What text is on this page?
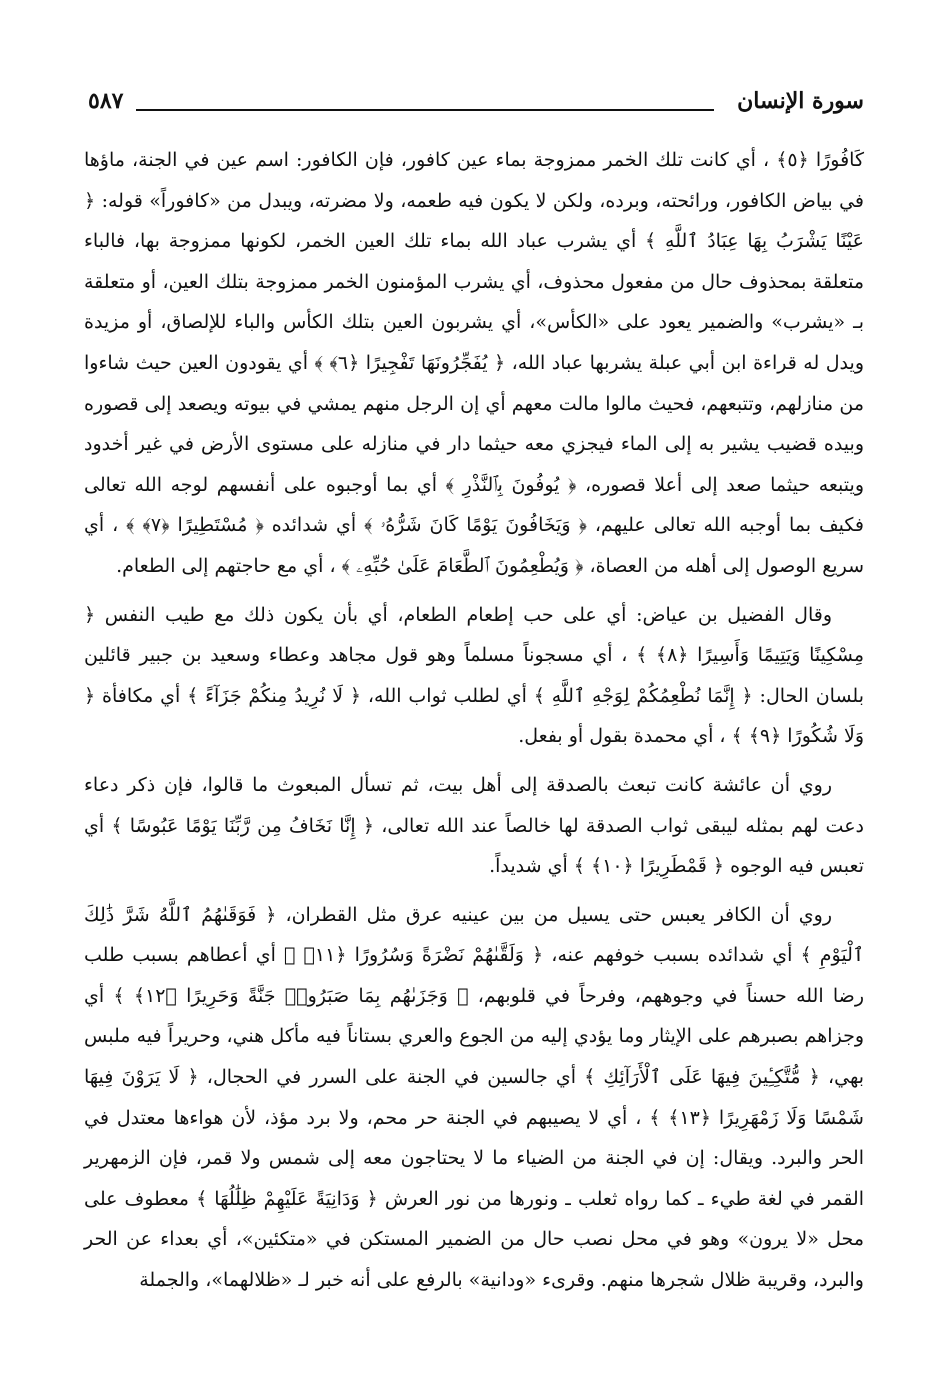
سورة الإنسان
٥٨٧

كَافُورًا ﴿٥﴾ ، أي كانت تلك الخمر ممزوجة بماء عين كافور، فإن الكافور: اسم عين في الجنة، ماؤها في بياض الكافور، ورائحته، وبرده، ولكن لا يكون فيه طعمه، ولا مضرته، ويبدل من «كافوراً» قوله: ﴿ عَيْنًا يَشْرَبُ بِهَا عِبَادُ ٱللَّهِ ﴾ أي يشرب عباد الله بماء تلك العين الخمر، لكونها ممزوجة بها، فالباء متعلقة بمحذوف حال من مفعول محذوف، أي يشرب المؤمنون الخمر ممزوجة بتلك العين، أو متعلقة بـ «يشرب» والضمير يعود على «الكأس»، أي يشربون العين بتلك الكأس والباء للإلصاق، أو مزيدة ويدل له قراءة ابن أبي عبلة يشربها عباد الله، ﴿ يُفَجِّرُونَهَا تَفْجِيرًا ﴿٦﴾ ﴾ أي يقودون العين حيث شاءوا من منازلهم، وتتبعهم، فحيث مالوا مالت معهم أي إن الرجل منهم يمشي في بيوته ويصعد إلى قصوره وبيده قضيب يشير به إلى الماء فيجزي معه حيثما دار في منازله على مستوى الأرض في غير أخدود ويتبعه حيثما صعد إلى أعلا قصوره، ﴿ يُوفُونَ بِٱلنَّذْرِ ﴾ أي بما أوجبوه على أنفسهم لوجه الله تعالى فكيف بما أوجبه الله تعالى عليهم، ﴿ وَيَخَافُونَ يَوْمًا كَانَ شَرُّهُۥ ﴾ أي شدائده ﴿ مُسْتَطِيرًا ﴿٧﴾ ﴾ ، أي سريع الوصول إلى أهله من العصاة، ﴿ وَيُطْعِمُونَ ٱلطَّعَامَ عَلَىٰ حُبِّهِۦ ﴾ ، أي مع حاجتهم إلى الطعام.

وقال الفضيل بن عياض: أي على حب إطعام الطعام، أي بأن يكون ذلك مع طيب النفس ﴿ مِسْكِينًا وَيَتِيمًا وَأَسِيرًا ﴿٨﴾ ﴾ ، أي مسجوناً مسلماً وهو قول مجاهد وعطاء وسعيد بن جبير قائلين بلسان الحال: ﴿ إِنَّمَا نُطْعِمُكُمْ لِوَجْهِ ٱللَّهِ ﴾ أي لطلب ثواب الله، ﴿ لَا نُرِيدُ مِنكُمْ جَزَآءً ﴾ أي مكافأة ﴿ وَلَا شُكُورًا ﴿٩﴾ ﴾ ، أي محمدة بقول أو بفعل.

روي أن عائشة كانت تبعث بالصدقة إلى أهل بيت، ثم تسأل المبعوث ما قالوا، فإن ذكر دعاء دعت لهم بمثله ليبقى ثواب الصدقة لها خالصاً عند الله تعالى، ﴿ إِنَّا نَخَافُ مِن رَّبِّنَا يَوْمًا عَبُوسًا ﴾ أي تعبس فيه الوجوه ﴿ قَمْطَرِيرًا ﴿١٠﴾ ﴾ أي شديداً.

روي أن الكافر يعبس حتى يسيل من بين عينيه عرق مثل القطران، ﴿ فَوَقَىٰهُمُ ٱللَّهُ شَرَّ ذَٰلِكَ ٱلْيَوْمِ ﴾ أي شدائده بسبب خوفهم عنه، ﴿ وَلَقَّىٰهُمْ نَضْرَةً وَسُرُورًا ﴿١١﴾ ﴾ أي أعطاهم بسبب طلب رضا الله حسناً في وجوههم، وفرحاً في قلوبهم، ﴿ وَجَزَىٰهُم بِمَا صَبَرُوا۟ جَنَّةً وَحَرِيرًا ﴿١٢﴾ ﴾ أي وجزاهم بصبرهم على الإيثار وما يؤدي إليه من الجوع والعري بستاناً فيه مأكل هني، وحريراً فيه ملبس بهي، ﴿ مُّتَّكِـِٔينَ فِيهَا عَلَى ٱلْأَرَآئِكِ ﴾ أي جالسين في الجنة على السرر في الحجال، ﴿ لَا يَرَوْنَ فِيهَا شَمْسًا وَلَا زَمْهَرِيرًا ﴿١٣﴾ ﴾ ، أي لا يصيبهم في الجنة حر محم، ولا برد مؤذ، لأن هواءها معتدل في الحر والبرد. ويقال: إن في الجنة من الضياء ما لا يحتاجون معه إلى شمس ولا قمر، فإن الزمهرير القمر في لغة طيء ـ كما رواه ثعلب ـ ونورها من نور العرش ﴿ وَدَانِيَةً عَلَيْهِمْ ظِلَٰلُهَا ﴾ معطوف على محل «لا يرون» وهو في محل نصب حال من الضمير المستكن في «متكئين»، أي بعداء عن الحر والبرد، وقريبة ظلال شجرها منهم. وقرىء «ودانية» بالرفع على أنه خبر لـ «ظلالهما»، والجملة
